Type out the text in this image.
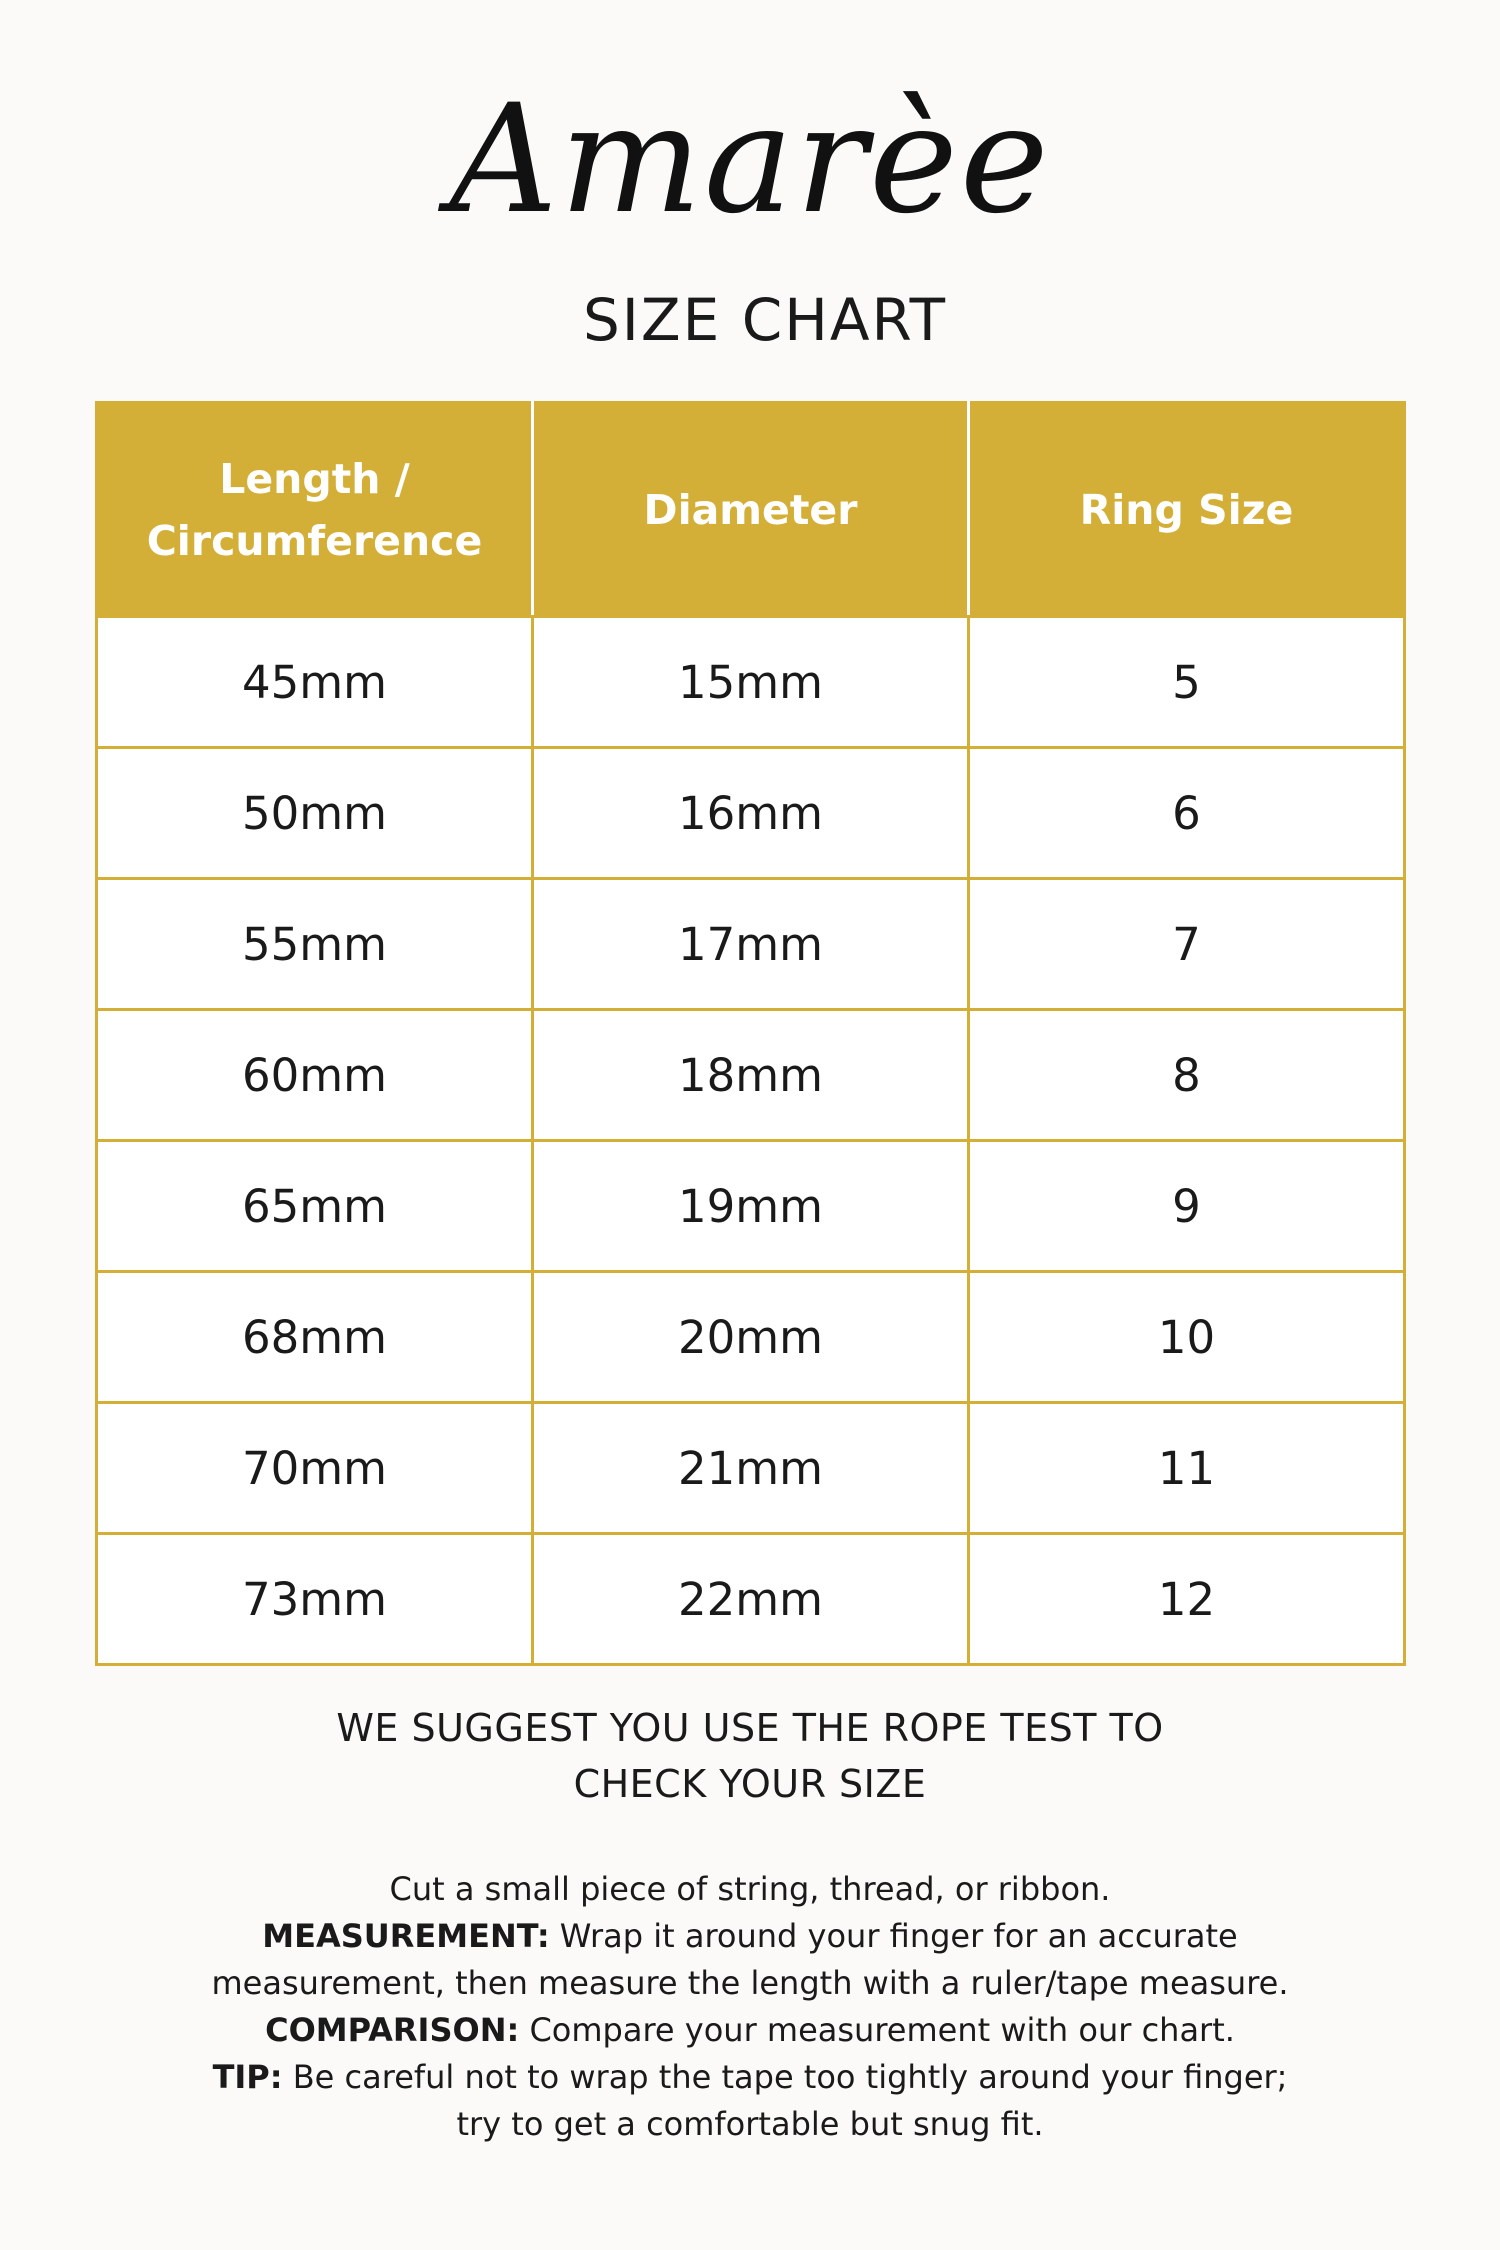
Amarèe
SIZE CHART
Length / Circumference	Diameter	Ring Size
45mm	15mm	5
50mm	16mm	6
55mm	17mm	7
60mm	18mm	8
65mm	19mm	9
68mm	20mm	10
70mm	21mm	11
73mm	22mm	12
WE SUGGEST YOU USE THE ROPE TEST TO
CHECK YOUR SIZE
Cut a small piece of string, thread, or ribbon.
MEASUREMENT: Wrap it around your finger for an accurate
measurement, then measure the length with a ruler/tape measure.
COMPARISON: Compare your measurement with our chart.
TIP: Be careful not to wrap the tape too tightly around your finger;
try to get a comfortable but snug fit.
